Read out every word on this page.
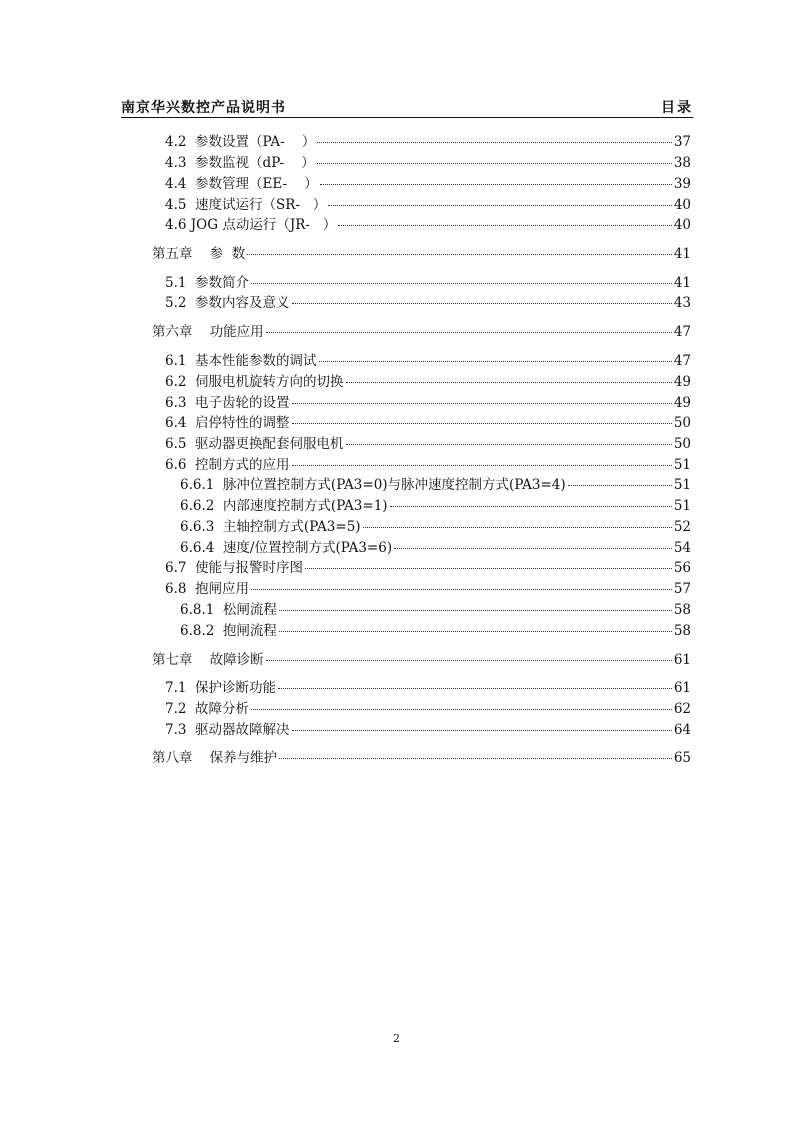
南京华兴数控产品说明书	目录
4.2  参数设置（PA-    ）	37
4.3  参数监视（dP-    ）	38
4.4  参数管理（EE-    ）	39
4.5  速度试运行（SR-   ）	40
4.6 JOG 点动运行（JR-   ）	40
第五章    参  数	41
5.1  参数简介	41
5.2  参数内容及意义	43
第六章    功能应用	47
6.1  基本性能参数的调试	47
6.2  伺服电机旋转方向的切换	49
6.3  电子齿轮的设置	49
6.4  启停特性的调整	50
6.5  驱动器更换配套伺服电机	50
6.6  控制方式的应用	51
6.6.1  脉冲位置控制方式(PA3=0)与脉冲速度控制方式(PA3=4)	51
6.6.2  内部速度控制方式(PA3=1)	51
6.6.3  主轴控制方式(PA3=5)	52
6.6.4  速度/位置控制方式(PA3=6)	54
6.7  使能与报警时序图	56
6.8  抱闸应用	57
6.8.1  松闸流程	58
6.8.2  抱闸流程	58
第七章    故障诊断	61
7.1  保护诊断功能	61
7.2  故障分析	62
7.3  驱动器故障解决	64
第八章    保养与维护	65
2
